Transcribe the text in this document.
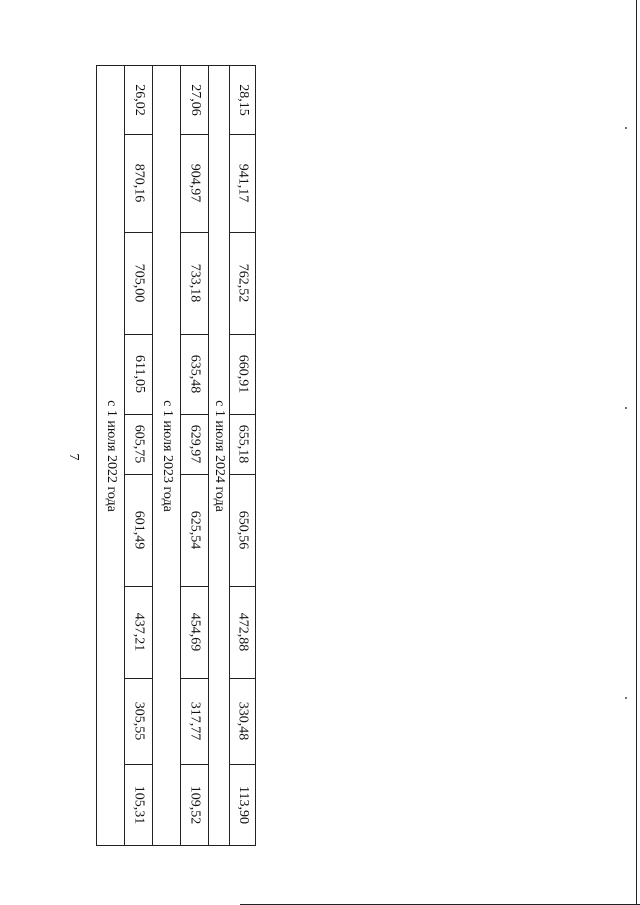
7 с 1 июля 2022 года
26,02
870,16
705,00
611,05
605,75
601,49
437,21
305,55
105,31
с 1 июля 2023 года
27,06
904,97
733,18
635,48
629,97
625,54
454,69
317,77
109,52
с 1 июля 2024 года
28,15
941,17
762,52
660,91
655,18
650,56
472,88
330,48
113,90
